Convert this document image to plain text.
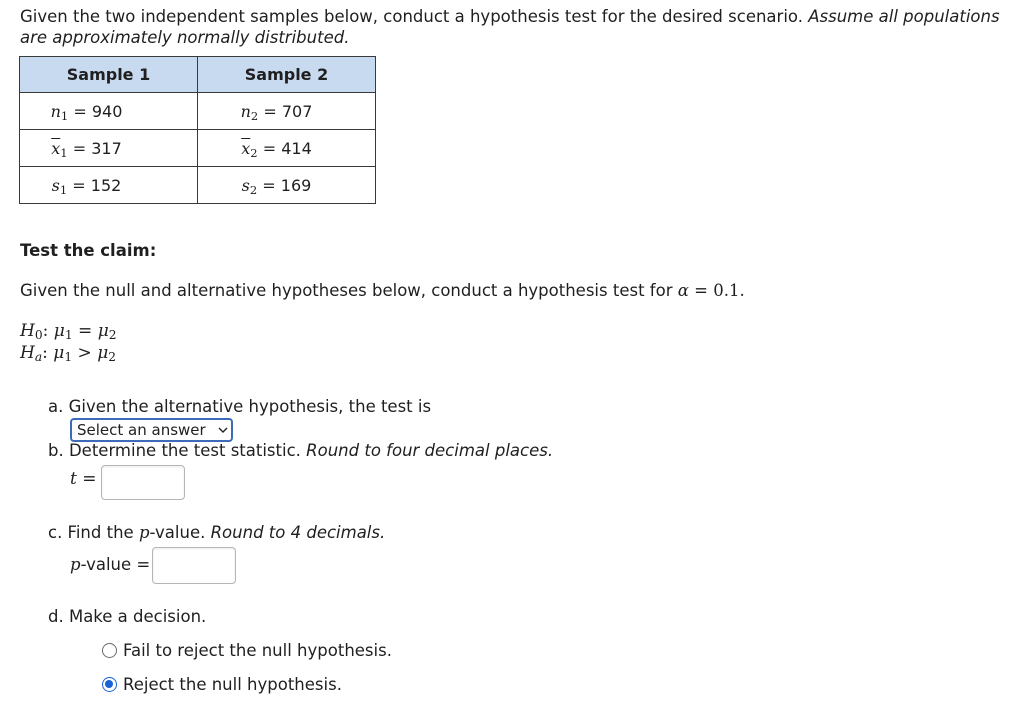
Given the two independent samples below, conduct a hypothesis test for the desired scenario. Assume all populations are approximately normally distributed.
Sample 1	Sample 2
$n_1 = 940$	$n_2 = 707$
$\overline{x}_1 = 317$	$\overline{x}_2 = 414$
$s_1 = 152$	$s_2 = 169$
Test the claim:
Given the null and alternative hypotheses below, conduct a hypothesis test for α = 0.1.
$H_0$: $\mu_1 = \mu_2$
$H_a$: $\mu_1 > \mu_2$
a. Given the alternative hypothesis, the test is
Select an answer
b. Determine the test statistic. Round to four decimal places.
t =
c. Find the p-value. Round to 4 decimals.
p-value =
d. Make a decision.
Fail to reject the null hypothesis.
Reject the null hypothesis.
